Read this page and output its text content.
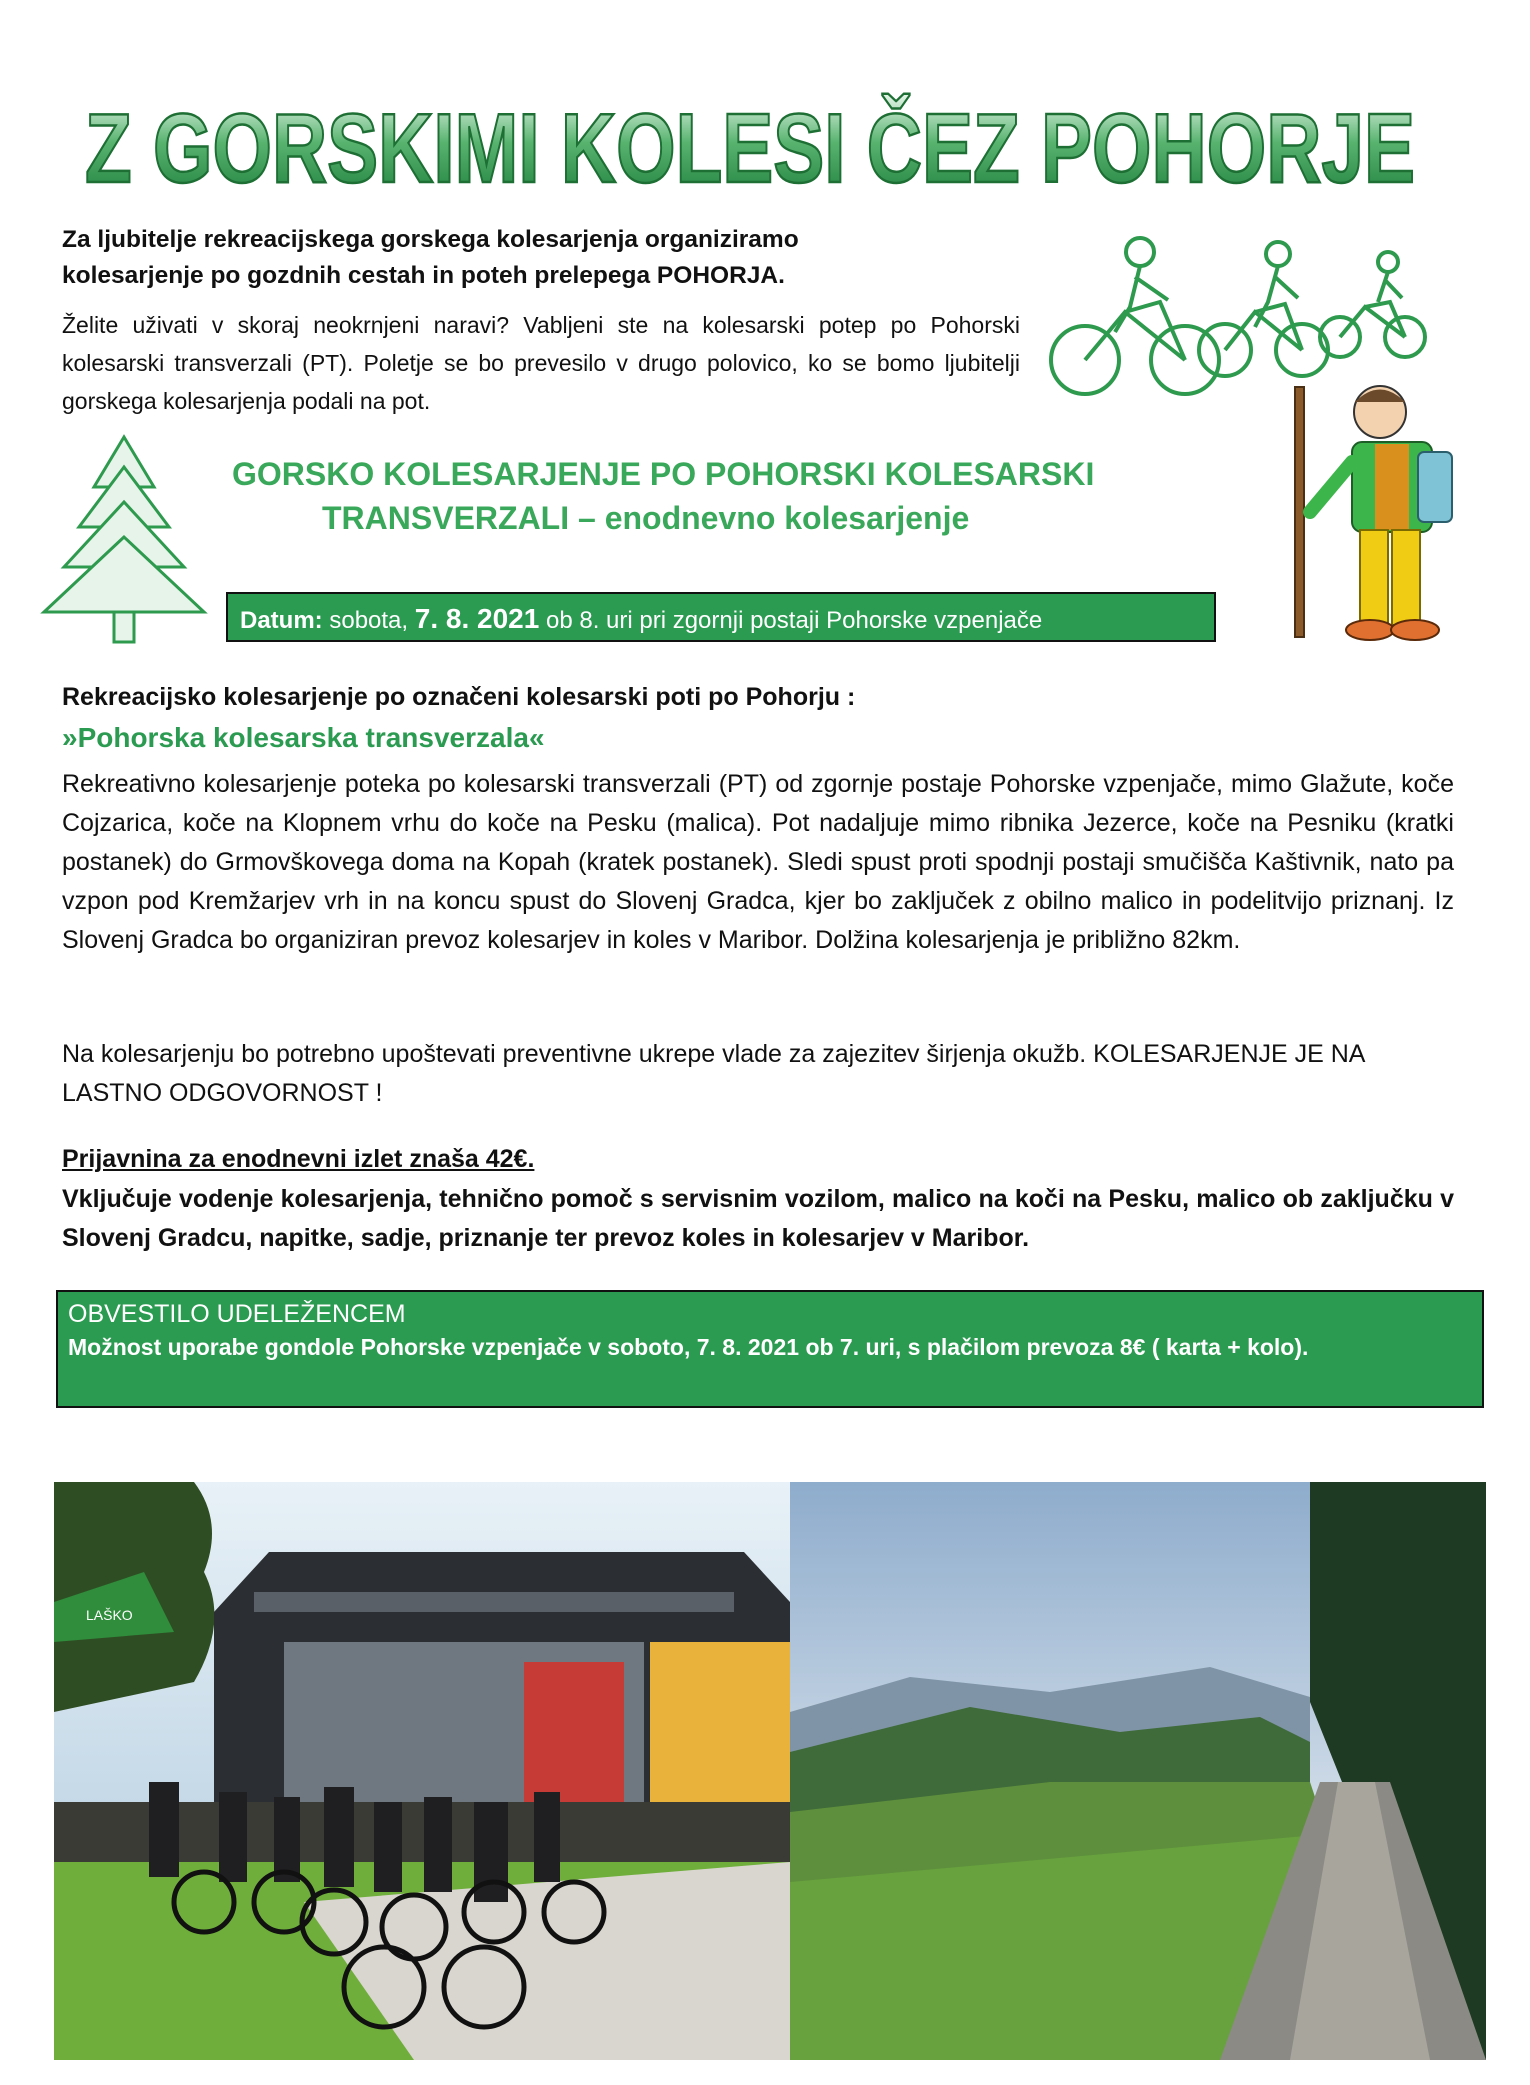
Z GORSKIMI KOLESI ČEZ POHORJE
Za ljubitelje rekreacijskega gorskega kolesarjenja organiziramo
kolesarjenje po gozdnih cestah in poteh prelepega POHORJA.
Želite uživati v skoraj neokrnjeni naravi? Vabljeni ste na kolesarski potep po Pohorski kolesarski transverzali (PT). Poletje se bo prevesilo v drugo polovico, ko se bomo ljubitelji gorskega kolesarjenja podali na pot.
GORSKO KOLESARJENJE PO POHORSKI KOLESARSKI
TRANSVERZALI – enodnevno kolesarjenje
Datum: sobota, 7. 8. 2021 ob 8. uri pri zgornji postaji Pohorske vzpenjače
Rekreacijsko kolesarjenje po označeni kolesarski poti po Pohorju :
»Pohorska kolesarska transverzala«
Rekreativno kolesarjenje poteka po kolesarski transverzali (PT) od zgornje postaje Pohorske vzpenjače, mimo Glažute, koče Cojzarica, koče na Klopnem vrhu do koče na Pesku (malica). Pot nadaljuje mimo ribnika Jezerce, koče na Pesniku (kratki postanek) do Grmovškovega doma na Kopah (kratek postanek). Sledi spust proti spodnji postaji smučišča Kaštivnik, nato pa vzpon pod Kremžarjev vrh in na koncu spust do Slovenj Gradca, kjer bo zaključek z obilno malico in podelitvijo priznanj. Iz Slovenj Gradca bo organiziran prevoz kolesarjev in koles v Maribor. Dolžina kolesarjenja je približno 82km.
Na kolesarjenju bo potrebno upoštevati preventivne ukrepe vlade za zajezitev širjenja okužb. KOLESARJENJE JE NA LASTNO ODGOVORNOST !
Prijavnina za enodnevni izlet znaša 42€.
Vključuje vodenje kolesarjenja, tehnično pomoč s servisnim vozilom, malico na koči na Pesku, malico ob zaključku v Slovenj Gradcu, napitke, sadje, priznanje ter prevoz koles in kolesarjev v Maribor.
OBVESTILO UDELEŽENCEM
Možnost uporabe gondole Pohorske vzpenjače v soboto, 7. 8. 2021 ob 7. uri, s plačilom prevoza 8€ ( karta + kolo).
LAŠKO
